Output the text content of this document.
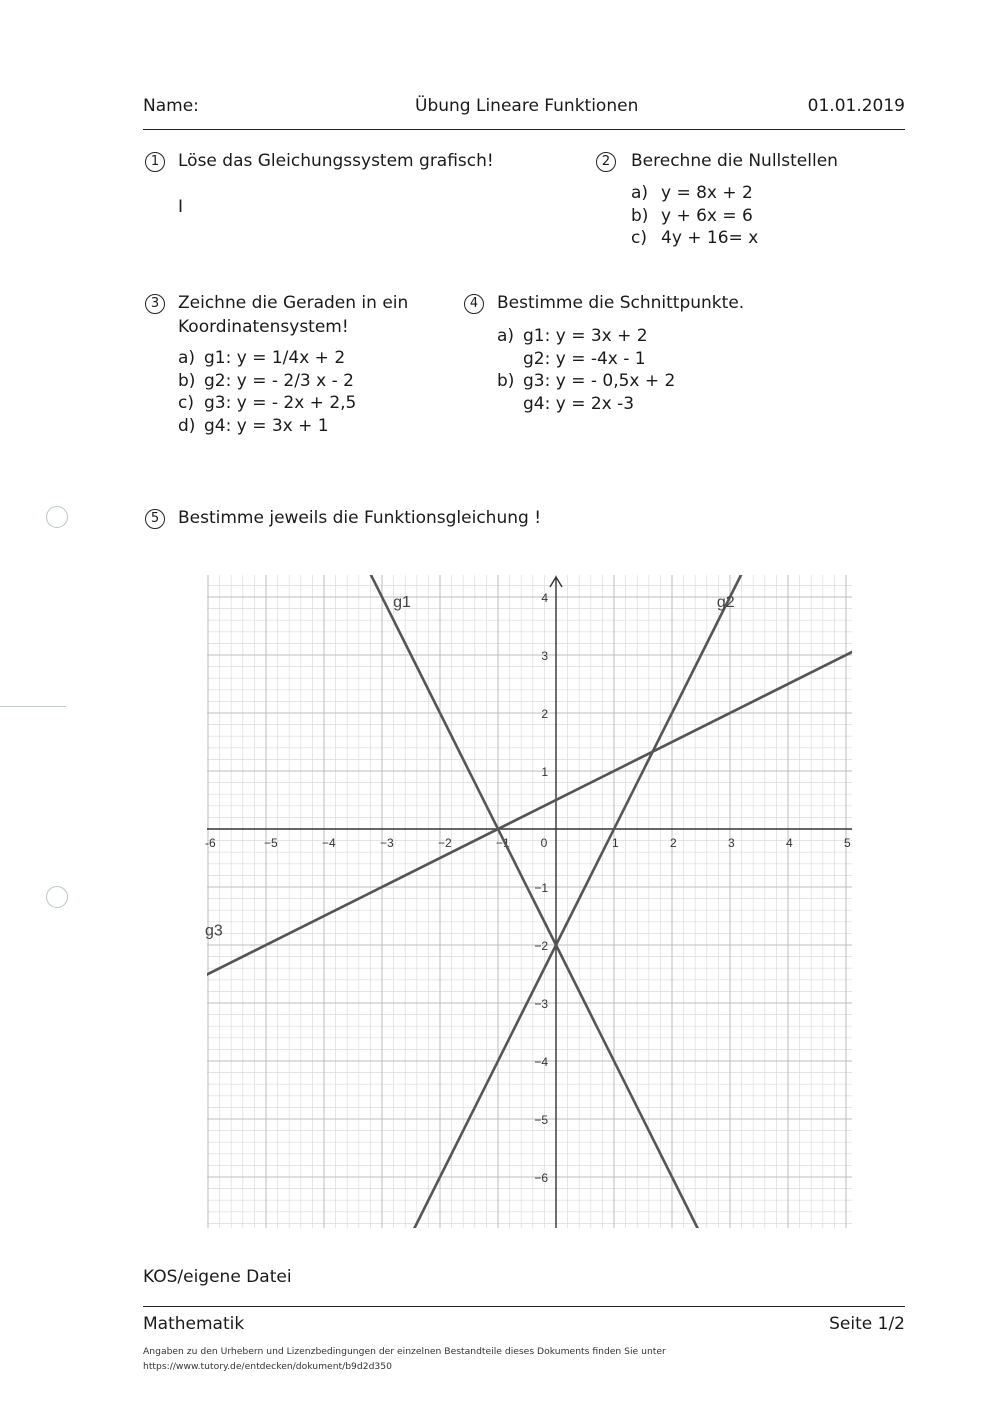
Name:	Übung Lineare Funktionen	01.01.2019
1	Löse das Gleichungssystem grafisch!
I
2	Berechne die Nullstellen
a) y = 8x + 2
b) y + 6x = 6
c) 4y + 16= x
3	Zeichne die Geraden in ein
Koordinatensystem!
a) g1: y = 1/4x + 2
b) g2: y = - 2/3 x - 2
c) g3: y = - 2x + 2,5
d) g4: y = 3x + 1
4	Bestimme die Schnittpunkte.
a) g1: y = 3x + 2
g2: y = -4x - 1
b) g3: y = - 0,5x + 2
g4: y = 2x -3
5	Bestimme jeweils die Funktionsgleichung !
-6	−5	−4	−3	−2	−1	0	1	2	3	4	5
4
3
2
1
−1
−2
−3
−4
−5
−6
g1	g2
g3
KOS/eigene Datei
Mathematik	Seite 1/2
Angaben zu den Urhebern und Lizenzbedingungen der einzelnen Bestandteile dieses Dokuments finden Sie unter
https://www.tutory.de/entdecken/dokument/b9d2d350
